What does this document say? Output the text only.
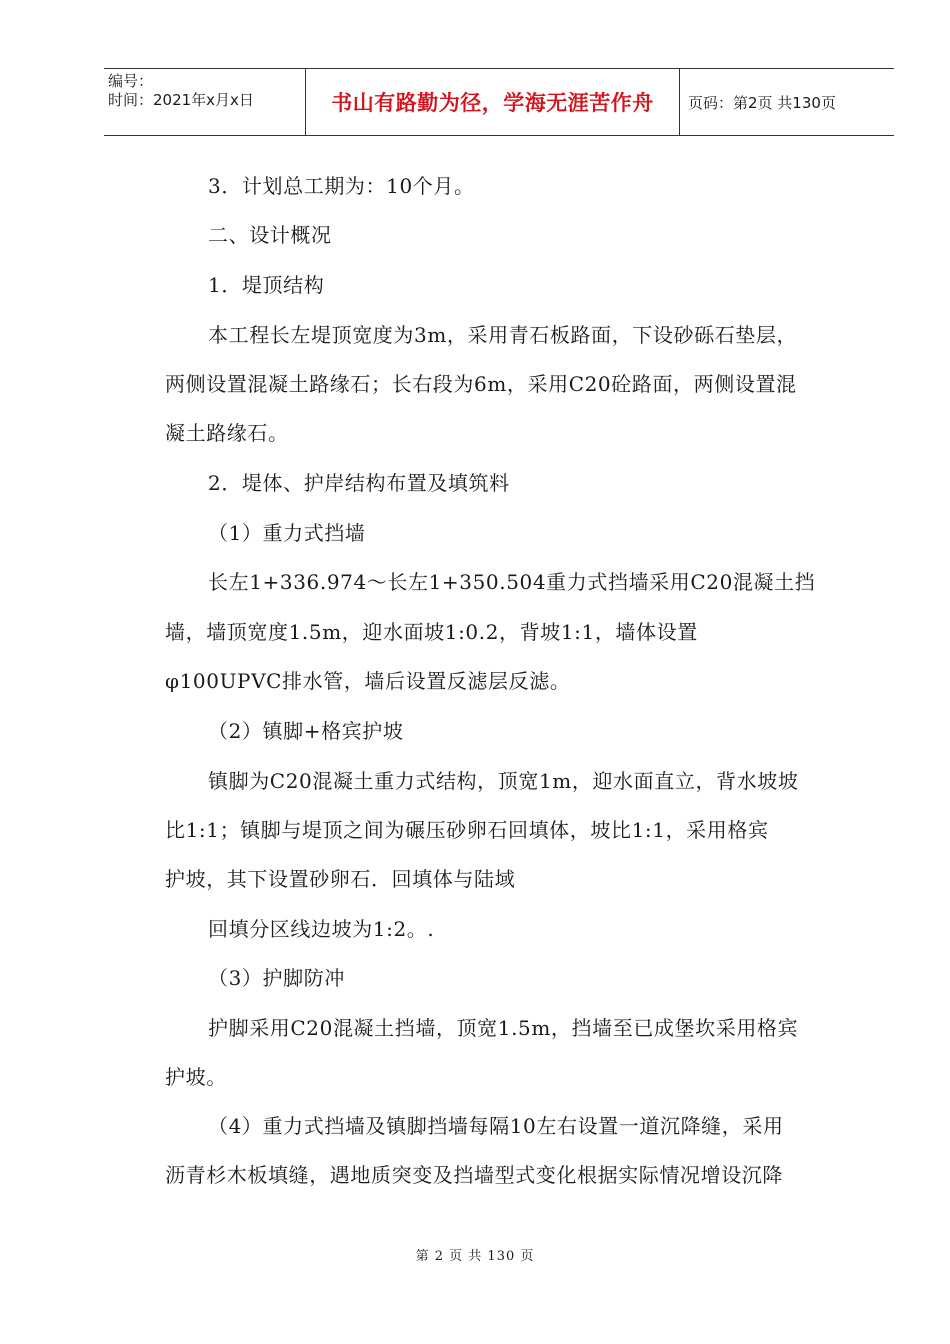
编号：
时间：2021年x月x日	书山有路勤为径，学海无涯苦作舟 页码：第2页 共130页
3．计划总工期为：10个月。
二、设计概况
1．堤顶结构
本工程长左堤顶宽度为3m，采用青石板路面，下设砂砾石垫层，
两侧设置混凝土路缘石；长右段为6m，采用C20砼路面，两侧设置混
凝土路缘石。
2．堤体、护岸结构布置及填筑料
（1）重力式挡墙
长左1+336.974～长左1+350.504重力式挡墙采用C20混凝土挡
墙，墙顶宽度1.5m，迎水面坡1:0.2，背坡1:1，墙体设置
φ100UPVC排水管，墙后设置反滤层反滤。
（2）镇脚+格宾护坡
镇脚为C20混凝土重力式结构，顶宽1m，迎水面直立，背水坡坡
比1:1；镇脚与堤顶之间为碾压砂卵石回填体，坡比1:1，采用格宾
护坡，其下设置砂卵石．回填体与陆域
回填分区线边坡为1:2。.
（3）护脚防冲
护脚采用C20混凝土挡墙，顶宽1.5m，挡墙至已成堡坎采用格宾
护坡。
（4）重力式挡墙及镇脚挡墙每隔10左右设置一道沉降缝，采用
沥青杉木板填缝，遇地质突变及挡墙型式变化根据实际情况增设沉降
第 2 页 共 130 页
